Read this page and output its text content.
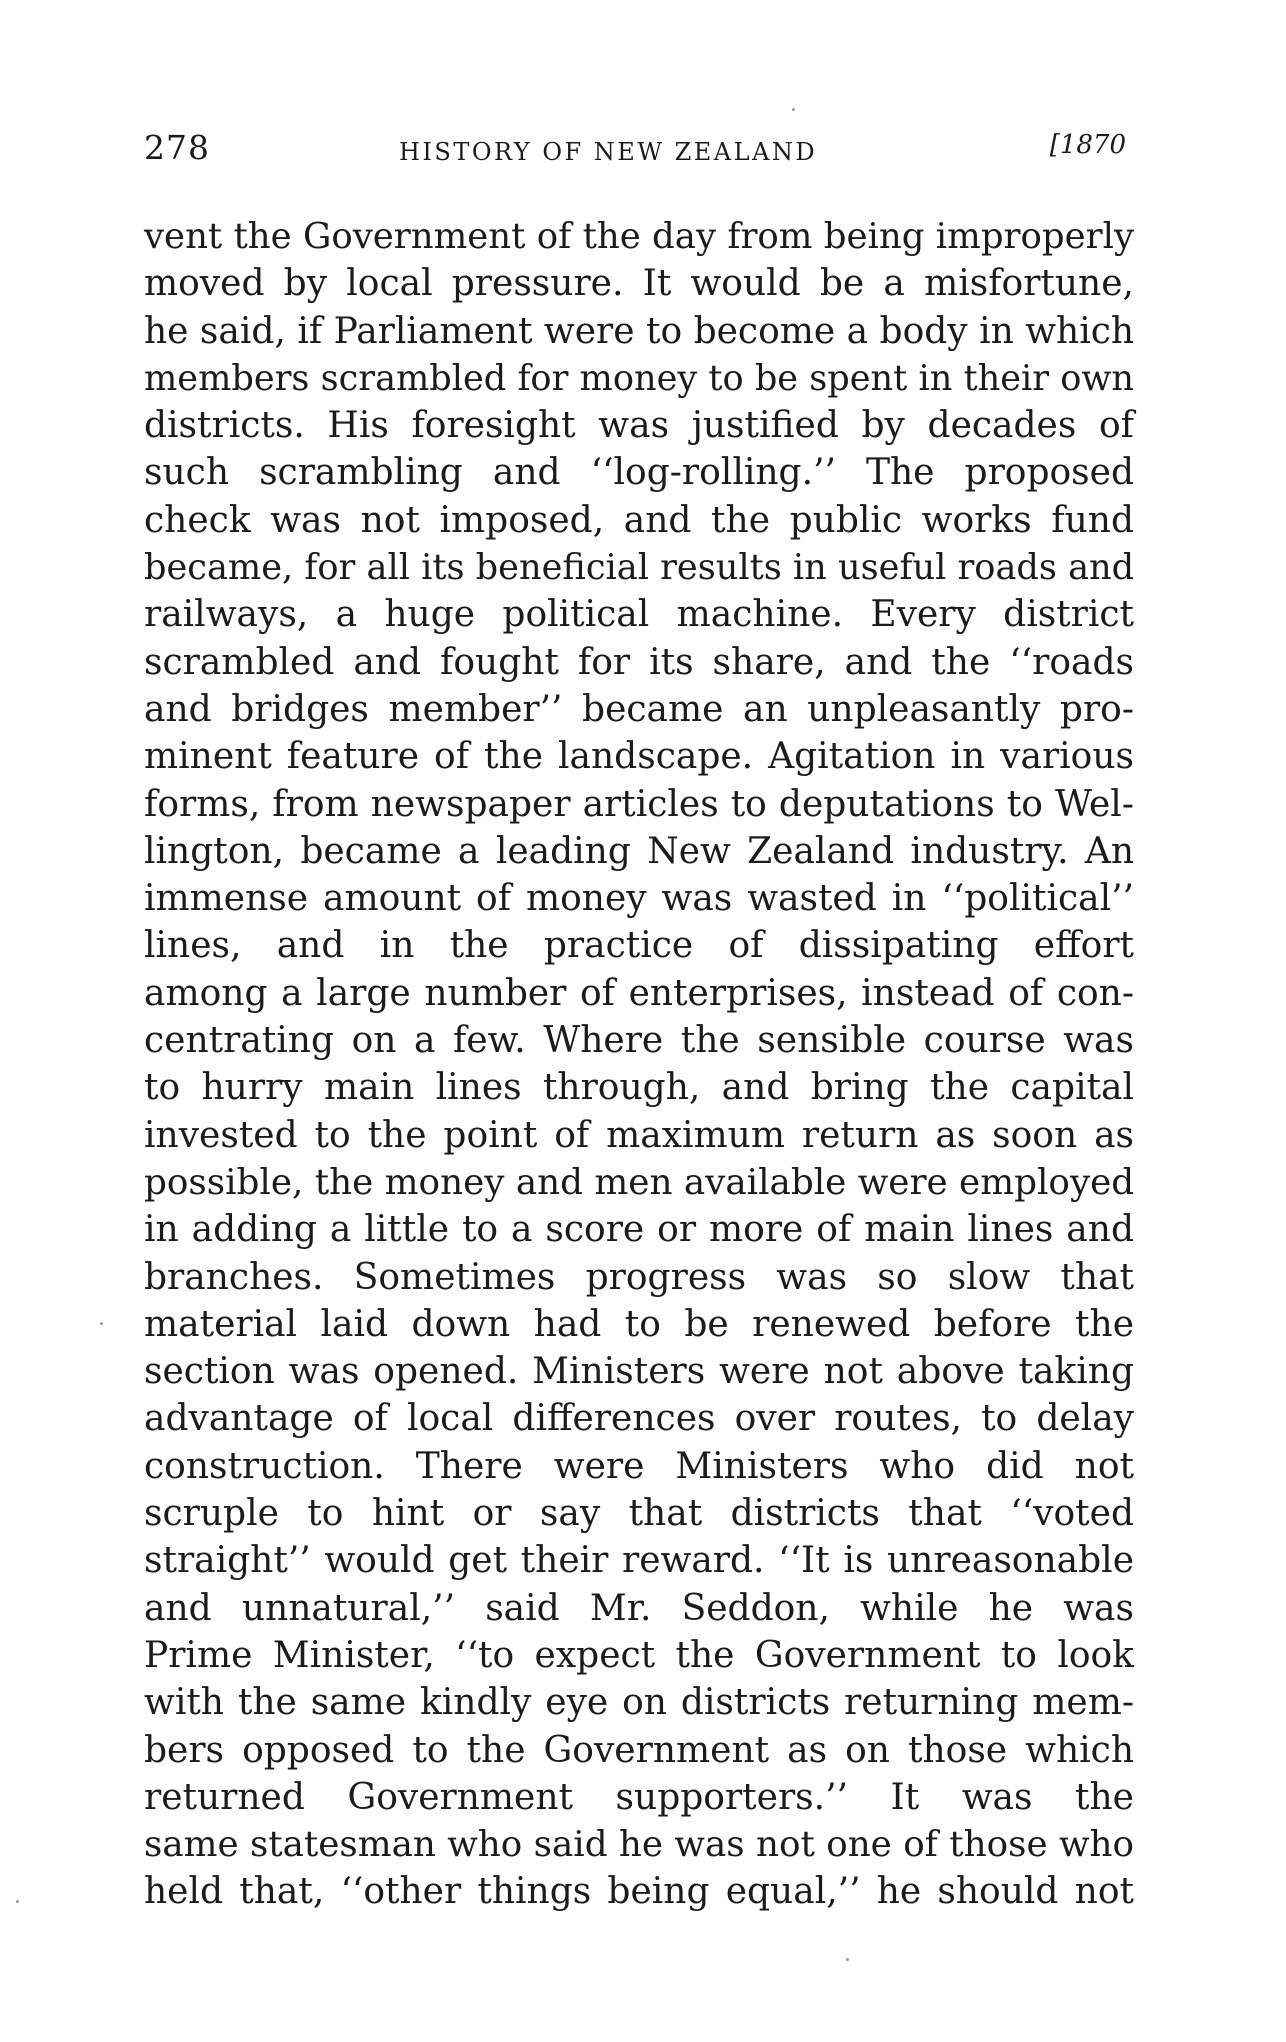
278	HISTORY OF NEW ZEALAND	[1870
vent the Government of the day from being improperly
moved by local pressure. It would be a misfortune,
he said, if Parliament were to become a body in which
members scrambled for money to be spent in their own
districts. His foresight was justified by decades of
such scrambling and ‘‘log-rolling.’’ The proposed
check was not imposed, and the public works fund
became, for all its beneficial results in useful roads and
railways, a huge political machine. Every district
scrambled and fought for its share, and the ‘‘roads
and bridges member’’ became an unpleasantly pro-
minent feature of the landscape. Agitation in various
forms, from newspaper articles to deputations to Wel-
lington, became a leading New Zealand industry. An
immense amount of money was wasted in ‘‘political’’
lines, and in the practice of dissipating effort
among a large number of enterprises, instead of con-
centrating on a few. Where the sensible course was
to hurry main lines through, and bring the capital
invested to the point of maximum return as soon as
possible, the money and men available were employed
in adding a little to a score or more of main lines and
branches. Sometimes progress was so slow that
material laid down had to be renewed before the
section was opened. Ministers were not above taking
advantage of local differences over routes, to delay
construction. There were Ministers who did not
scruple to hint or say that districts that ‘‘voted
straight’’ would get their reward. ‘‘It is unreasonable
and unnatural,’’ said Mr. Seddon, while he was
Prime Minister, ‘‘to expect the Government to look
with the same kindly eye on districts returning mem-
bers opposed to the Government as on those which
returned Government supporters.’’ It was the
same statesman who said he was not one of those who
held that, ‘‘other things being equal,’’ he should not
